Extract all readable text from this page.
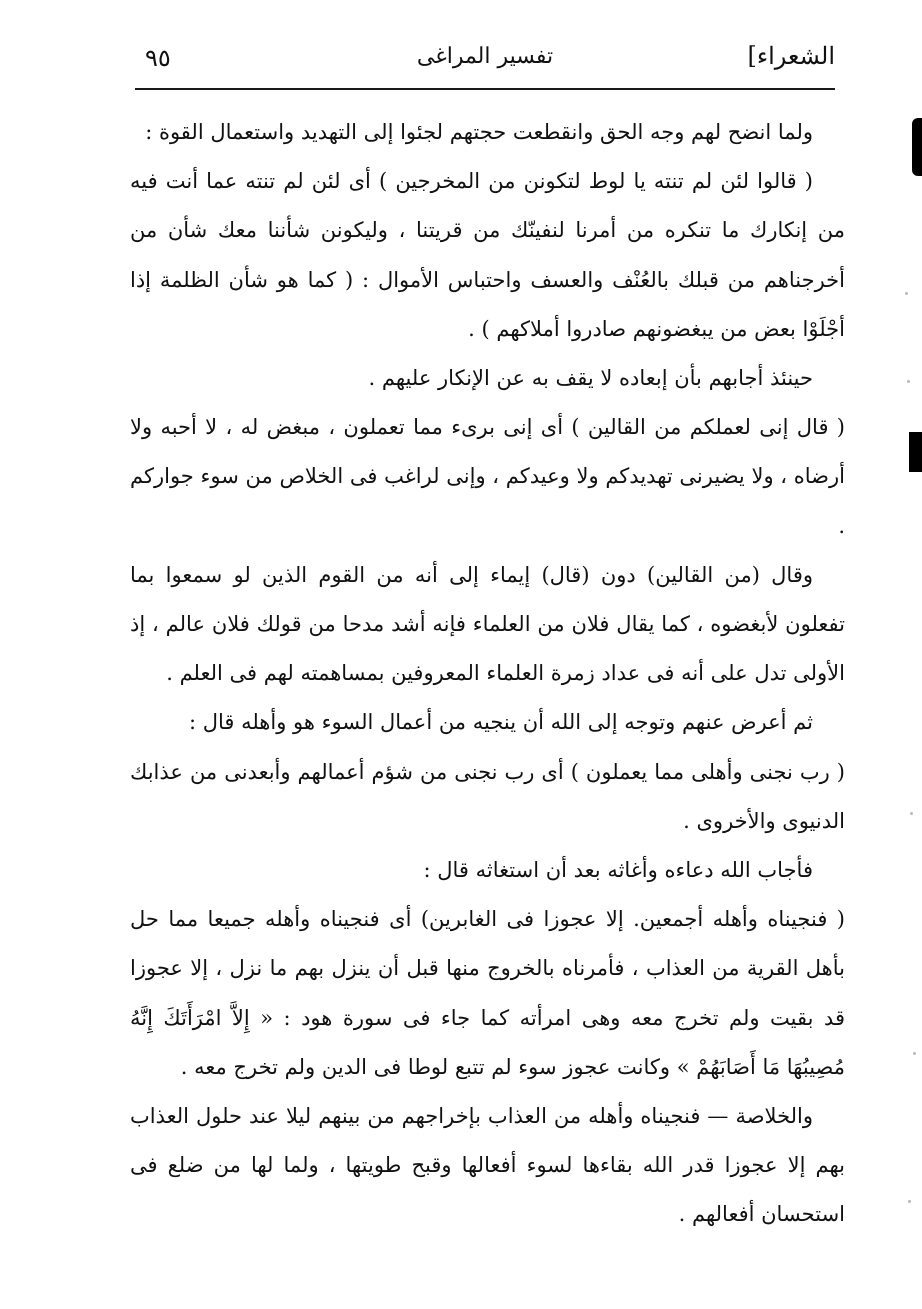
٩٥	تفسير المراغى	الشعراء]

ولما انضح لهم وجه الحق وانقطعت حجتهم لجئوا إلى التهديد واستعمال القوة :

( قالوا لئن لم تنته يا لوط لتكونن من المخرجين ) أى لئن لم تنته عما أنت فيه من إنكارك ما تنكره من أمرنا لنفينّك من قريتنا ، وليكونن شأننا معك شأن من أخرجناهم من قبلك بالعُنْف والعسف واحتباس الأموال : ( كما هو شأن الظلمة إذا أجْلَوْا بعض من يبغضونهم صادروا أملاكهم ) .

حينئذ أجابهم بأن إبعاده لا يقف به عن الإنكار عليهم .

( قال إنى لعملكم من القالين ) أى إنى برىء مما تعملون ، مبغض له ، لا أحبه ولا أرضاه ، ولا يضيرنى تهديدكم ولا وعيدكم ، وإنى لراغب فى الخلاص من سوء جواركم .

وقال (من القالين) دون (قال) إيماء إلى أنه من القوم الذين لو سمعوا بما تفعلون لأبغضوه ، كما يقال فلان من العلماء فإنه أشد مدحا من قولك فلان عالم ، إذ الأولى تدل على أنه فى عداد زمرة العلماء المعروفين بمساهمته لهم فى العلم .

ثم أعرض عنهم وتوجه إلى الله أن ينجيه من أعمال السوء هو وأهله قال :

( رب نجنى وأهلى مما يعملون ) أى رب نجنى من شؤم أعمالهم وأبعدنى من عذابك الدنيوى والأخروى .

فأجاب الله دعاءه وأغاثه بعد أن استغاثه قال :

( فنجيناه وأهله أجمعين. إلا عجوزا فى الغابرين) أى فنجيناه وأهله جميعا مما حل بأهل القرية من العذاب ، فأمرناه بالخروج منها قبل أن ينزل بهم ما نزل ، إلا عجوزا قد بقيت ولم تخرج معه وهى امرأته كما جاء فى سورة هود : « إِلاَّ امْرَأَتَكَ إِنَّهُ مُصِيبُهَا مَا أَصَابَهُمْ » وكانت عجوز سوء لم تتبع لوطا فى الدين ولم تخرج معه .

والخلاصة — فنجيناه وأهله من العذاب بإخراجهم من بينهم ليلا عند حلول العذاب بهم إلا عجوزا قدر الله بقاءها لسوء أفعالها وقبح طويتها ، ولما لها من ضلع فى استحسان أفعالهم .
